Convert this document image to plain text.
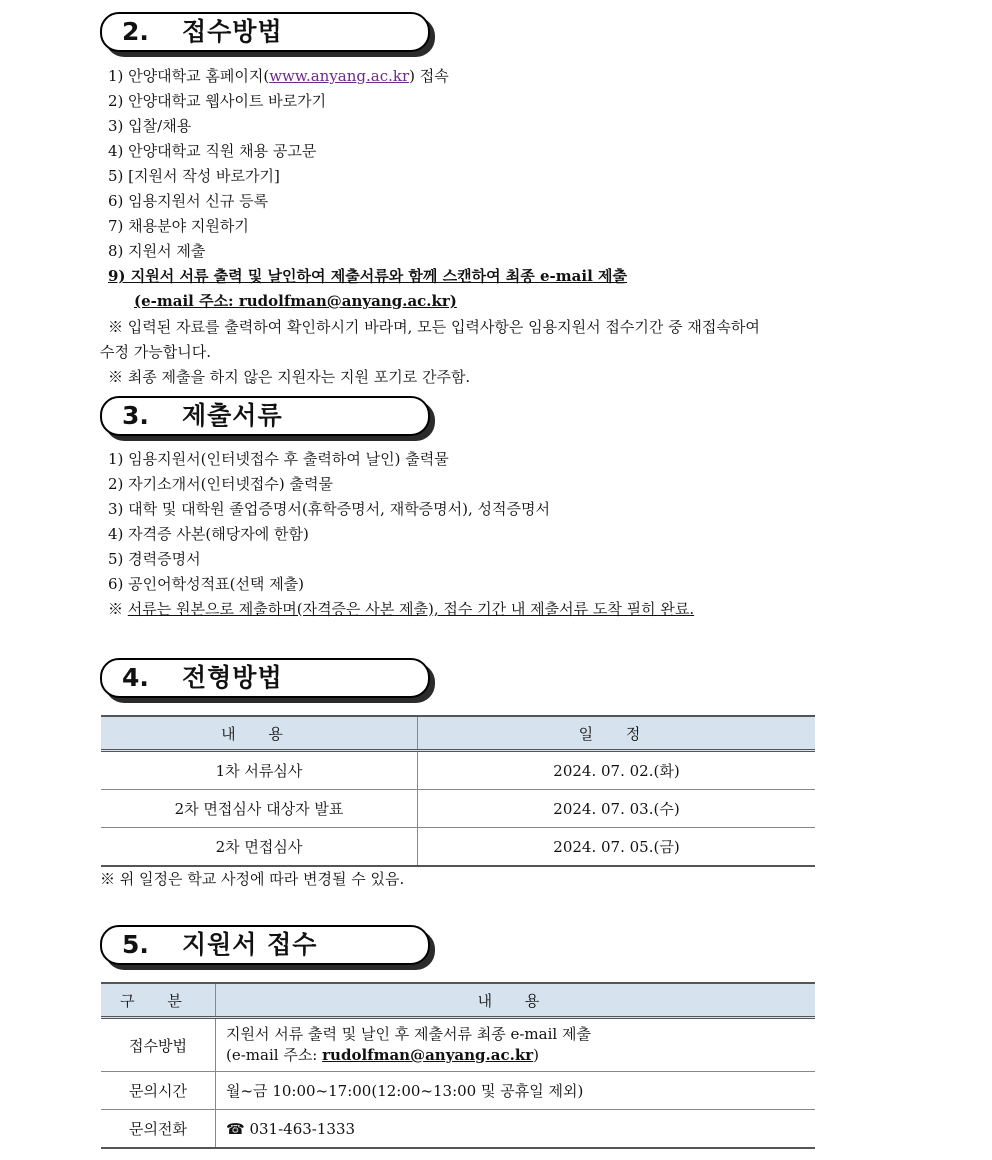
2. 접수방법
1) 안양대학교 홈페이지(www.anyang.ac.kr) 접속
2) 안양대학교 웹사이트 바로가기
3) 입찰/채용
4) 안양대학교 직원 채용 공고문
5) [지원서 작성 바로가기]
6) 임용지원서 신규 등록
7) 채용분야 지원하기
8) 지원서 제출
9) 지원서 서류 출력 및 날인하여 제출서류와 함께 스캔하여 최종 e-mail 제출
(e-mail 주소: rudolfman@anyang.ac.kr)
※ 입력된 자료를 출력하여 확인하시기 바라며, 모든 입력사항은 임용지원서 접수기간 중 재접속하여
수정 가능합니다.
※ 최종 제출을 하지 않은 지원자는 지원 포기로 간주함.
3. 제출서류
1) 임용지원서(인터넷접수 후 출력하여 날인) 출력물
2) 자기소개서(인터넷접수) 출력물
3) 대학 및 대학원 졸업증명서(휴학증명서, 재학증명서), 성적증명서
4) 자격증 사본(해당자에 한함)
5) 경력증명서
6) 공인어학성적표(선택 제출)
※ 서류는 원본으로 제출하며(자격증은 사본 제출), 접수 기간 내 제출서류 도착 필히 완료.
4. 전형방법
내 용	일 정
1차 서류심사	2024. 07. 02.(화)
2차 면접심사 대상자 발표	2024. 07. 03.(수)
2차 면접심사	2024. 07. 05.(금)
※ 위 일정은 학교 사정에 따라 변경될 수 있음.
5. 지원서 접수
구 분	내 용
접수방법	지원서 서류 출력 및 날인 후 제출서류 최종 e-mail 제출
(e-mail 주소: rudolfman@anyang.ac.kr)

문의시간	월~금 10:00~17:00(12:00~13:00 및 공휴일 제외)
문의전화	☎ 031-463-1333
